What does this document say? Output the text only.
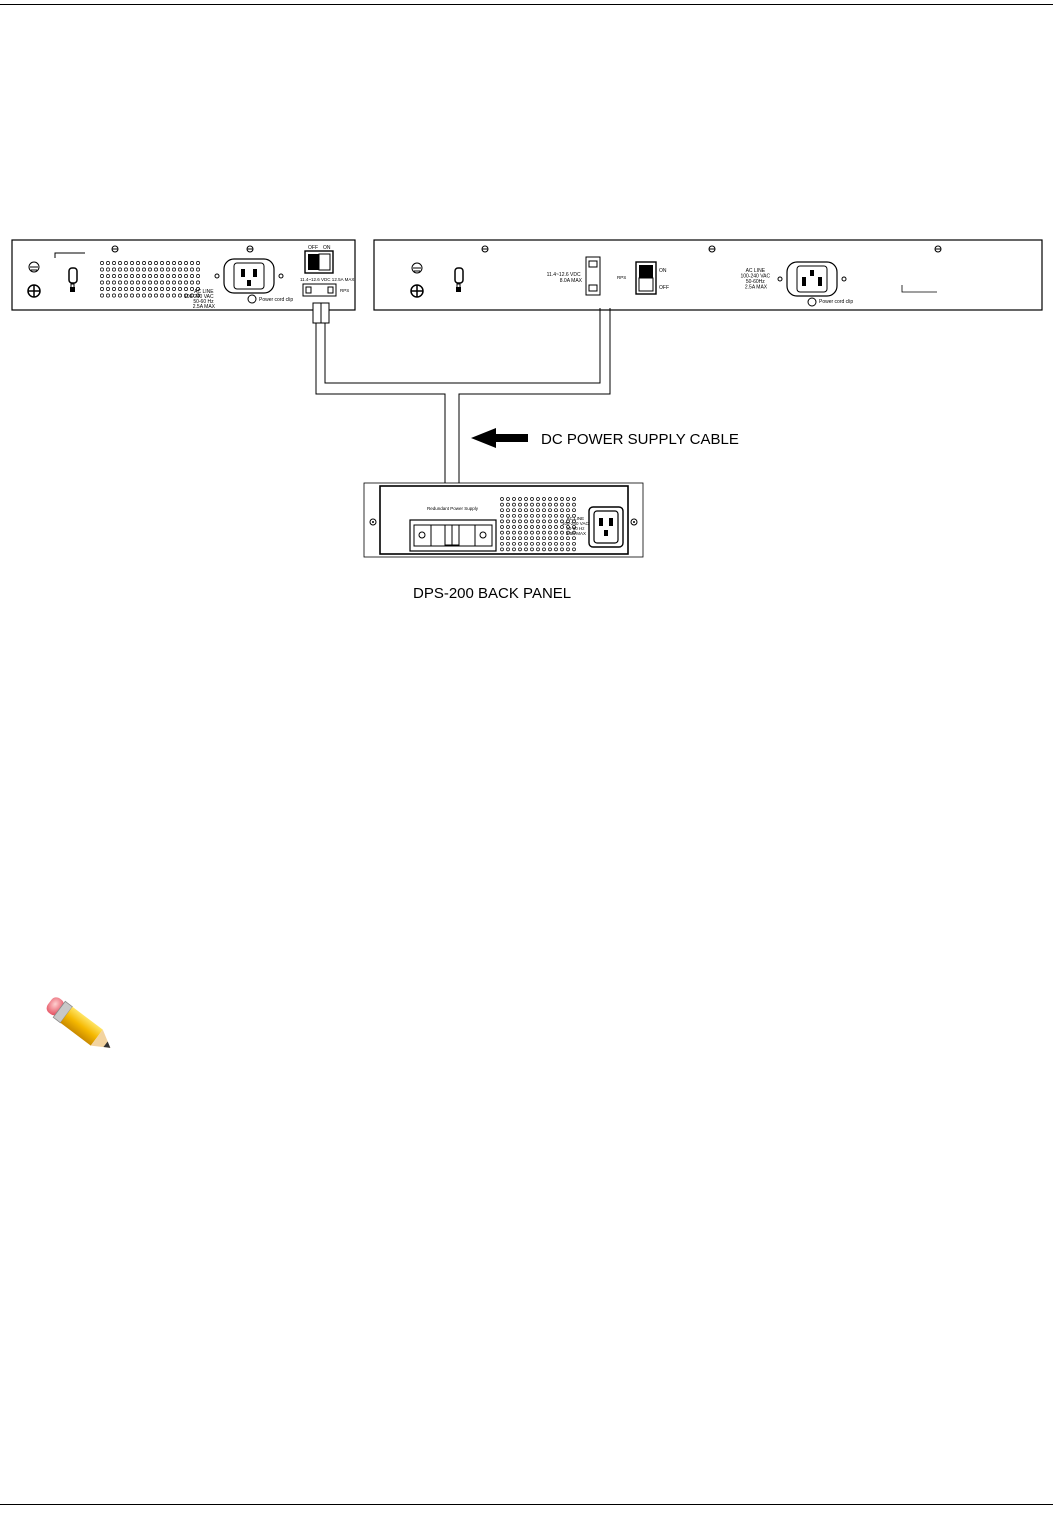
AC LINE 100-240 VAC 50-60 Hz 2.5A MAX
Power cord clip
OFF ON
11.4~12.6 VDC 12.5A MAX
RPS
11.4~12.6 VDC 8.0A MAX
RPS
ON
OFF
AC LINE 100-240 VAC 50-60Hz 2.5A MAX
Power cord clip
DC POWER SUPPLY CABLE
Redundant Power Supply
AC LINE 100-240 VAC 50-60 Hz 2.5A MAX
DPS-200 BACK PANEL
